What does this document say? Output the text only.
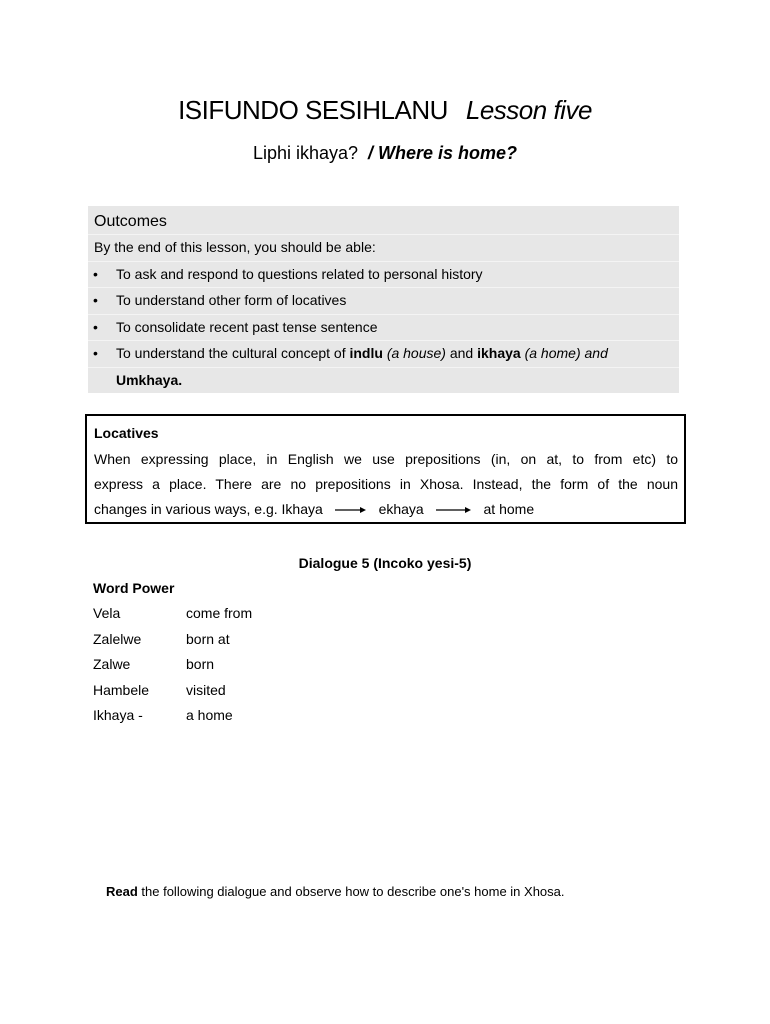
ISIFUNDO SESIHLANU Lesson five
Liphi ikhaya? / Where is home?
Outcomes
By the end of this lesson, you should be able:
• To ask and respond to questions related to personal history
• To understand other form of locatives
• To consolidate recent past tense sentence
• To understand the cultural concept of indlu (a house) and ikhaya (a home) and
Umkhaya.
Locatives
When expressing place, in English we use prepositions (in, on at, to from etc) to
express a place. There are no prepositions in Xhosa. Instead, the form of the noun
changes in various ways, e.g. Ikhaya	ekhaya	at home
Dialogue 5 (Incoko yesi-5)
Word Power
Vela	come from
Zalelwe	born at
Zalwe	born
Hambele	visited
Ikhaya -	a home
Read the following dialogue and observe how to describe one's home in Xhosa.
